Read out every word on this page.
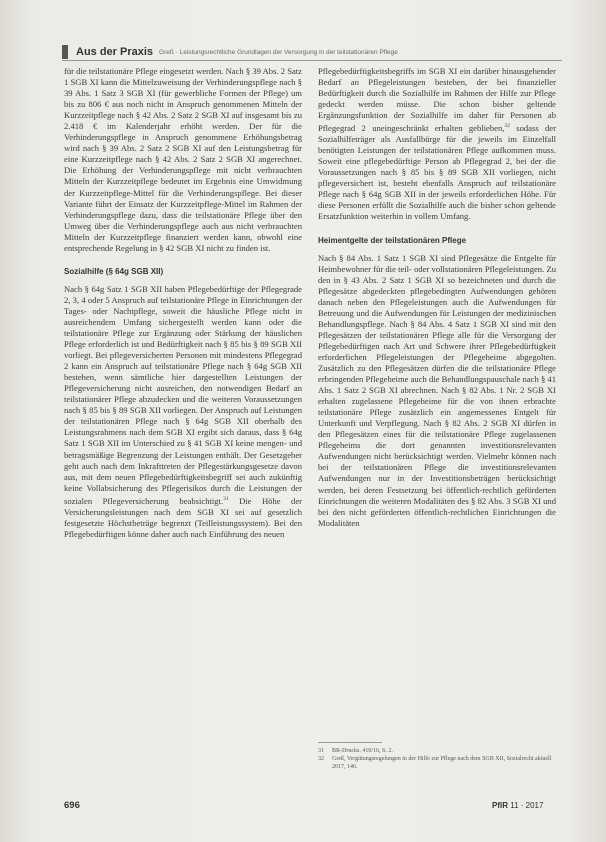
Aus der Praxis Greß · Leistungsrechtliche Grundlagen der Versorgung in der teilstationären Pflege

für die teilstationäre Pflege eingesetzt werden. Nach § 39 Abs. 2 Satz 1 SGB XI kann die Mittelzuweisung der Verhinderungspflege nach § 39 Abs. 1 Satz 3 SGB XI (für gewerbliche Formen der Pflege) um bis zu 806 € aus noch nicht in Anspruch genommenen Mitteln der Kurzzeitpflege nach § 42 Abs. 2 Satz 2 SGB XI auf insgesamt bis zu 2.418 € im Kalenderjahr erhöht werden. Der für die Verhinderungspflege in Anspruch genommene Erhöhungsbetrag wird nach § 39 Abs. 2 Satz 2 SGB XI auf den Leistungsbetrag für eine Kurzzeitpflege nach § 42 Abs. 2 Satz 2 SGB XI angerechnet. Die Erhöhung der Verhinderungspflege mit nicht verbrauchten Mitteln der Kurzzeitpflege bedeutet im Ergebnis eine Umwidmung der Kurzzeitpflege-Mittel für die Verhinderungspflege. Bei dieser Variante führt der Einsatz der Kurzzeitpflege-Mittel im Rahmen der Verhinderungspflege dazu, dass die teilstationäre Pflege über den Umweg über die Verhinderungspflege auch aus nicht verbrauchten Mitteln der Kurzzeitpflege finanziert werden kann, obwohl eine entsprechende Regelung in § 42 SGB XI nicht zu finden ist.

Sozialhilfe (§ 64g SGB XII)

Nach § 64g Satz 1 SGB XII haben Pflegebedürftige der Pflegegrade 2, 3, 4 oder 5 Anspruch auf teilstationäre Pflege in Einrichtungen der Tages- oder Nachtpflege, soweit die häusliche Pflege nicht in ausreichendem Umfang sichergestellt werden kann oder die teilstationäre Pflege zur Ergänzung oder Stärkung der häuslichen Pflege erforderlich ist und Bedürftigkeit nach § 85 bis § 89 SGB XII vorliegt. Bei pflegeversicherten Personen mit mindestens Pflegegrad 2 kann ein Anspruch auf teilstationäre Pflege nach § 64g SGB XII bestehen, wenn sämtliche hier dargestellten Leistungen der Pflegeversicherung nicht ausreichen, den notwendigen Bedarf an teilstationärer Pflege abzudecken und die weiteren Voraussetzungen nach § 85 bis § 89 SGB XII vorliegen. Der Anspruch auf Leistungen der teilstationären Pflege nach § 64g SGB XII oberhalb des Leistungsrahmens nach dem SGB XI ergibt sich daraus, dass § 64g Satz 1 SGB XII im Unterschied zu § 41 SGB XI keine mengen- und betragsmäßige Begrenzung der Leistungen enthält. Der Gesetzgeber geht auch nach dem Inkrafttreten der Pflegestärkungsgesetze davon aus, mit dem neuen Pflegebedürftigkeitsbegriff sei auch zukünftig keine Vollabsicherung des Pflegerisikos durch die Leistungen der sozialen Pflegeversicherung beabsichtigt.$^{31}$ Die Höhe der Versicherungsleistungen nach dem SGB XI sei auf gesetzlich festgesetzte Höchstbeträge begrenzt (Teilleistungssystem). Bei den Pflegebedürftigen könne daher auch nach Einführung des neuen

Pflegebedürftigkeitsbegriffs im SGB XI ein darüber hinausgehender Bedarf an Pflegeleistungen bestehen, der bei finanzieller Bedürftigkeit durch die Sozialhilfe im Rahmen der Hilfe zur Pflege gedeckt werden müsse. Die schon bisher geltende Ergänzungsfunktion der Sozialhilfe im daher für Personen ab Pflegegrad 2 uneingeschränkt erhalten geblieben,$^{32}$ sodass der Sozialhilfeträger als Ausfallbürge für die jeweils im Einzelfall benötigten Leistungen der teilstationären Pflege aufkommen muss. Soweit eine pflegebedürftige Person ab Pflegegrad 2, bei der die Voraussetzungen nach § 85 bis § 89 SGB XII vorliegen, nicht pflegeversichert ist, besteht ebenfalls Anspruch auf teilstationäre Pflege nach § 64g SGB XII in der jeweils erforderlichen Höhe. Für diese Personen erfüllt die Sozialhilfe auch die bisher schon geltende Ersatzfunktion weiterhin in vollem Umfang.

Heimentgelte der teilstationären Pflege

Nach § 84 Abs. 1 Satz 1 SGB XI sind Pflegesätze die Entgelte für Heimbewohner für die teil- oder vollstationären Pflegeleistungen. Zu den in § 43 Abs. 2 Satz 1 SGB XI so bezeichneten und durch die Pflegesätze abgedeckten pflegebedingten Aufwendungen gehören danach neben den Pflegeleistungen auch die Aufwendungen für Betreuung und die Aufwendungen für Leistungen der medizinischen Behandlungspflege. Nach § 84 Abs. 4 Satz 1 SGB XI sind mit den Pflegesätzen der teilstationären Pflege alle für die Versorgung der Pflegebedürftigen nach Art und Schwere ihrer Pflegebedürftigkeit erforderlichen Pflegeleistungen der Pflegeheime abgegolten. Zusätzlich zu den Pflegesätzen dürfen die die teilstationäre Pflege erbringenden Pflegeheime auch die Behandlungspauschale nach § 41 Abs. 1 Satz 2 SGB XI abrechnen. Nach § 82 Abs. 1 Nr. 2 SGB XI erhalten zugelassene Pflegeheime für die von ihnen erbrachte teilstationäre Pflege zusätzlich ein angemessenes Entgelt für Unterkunft und Verpflegung. Nach § 82 Abs. 2 SGB XI dürfen in den Pflegesätzen eines für die teilstationäre Pflege zugelassenen Pflegeheims die dort genannten investitionsrelevanten Aufwendungen nicht berücksichtigt werden. Vielmehr können nach bei der teilstationären Pflege die investitionsrelevanten Aufwendungen nur in der Investitionsbeträgen berücksichtigt werden, bei deren Festsetzung bei öffentlich-rechtlich geförderten Einrichtungen die weiteren Modalitäten des § 82 Abs. 3 SGB XI und bei den nicht geförderten öffentlich-rechtlichen Einrichtungen die Modalitäten

31	BR-Drucks. 410/16, S. 2.
32	Greß, Vergütungsregelungen in der Hilfe zur Pflege nach dem SGB XII, Sozialrecht aktuell 2017, 146.
696	PflR 11 · 2017
